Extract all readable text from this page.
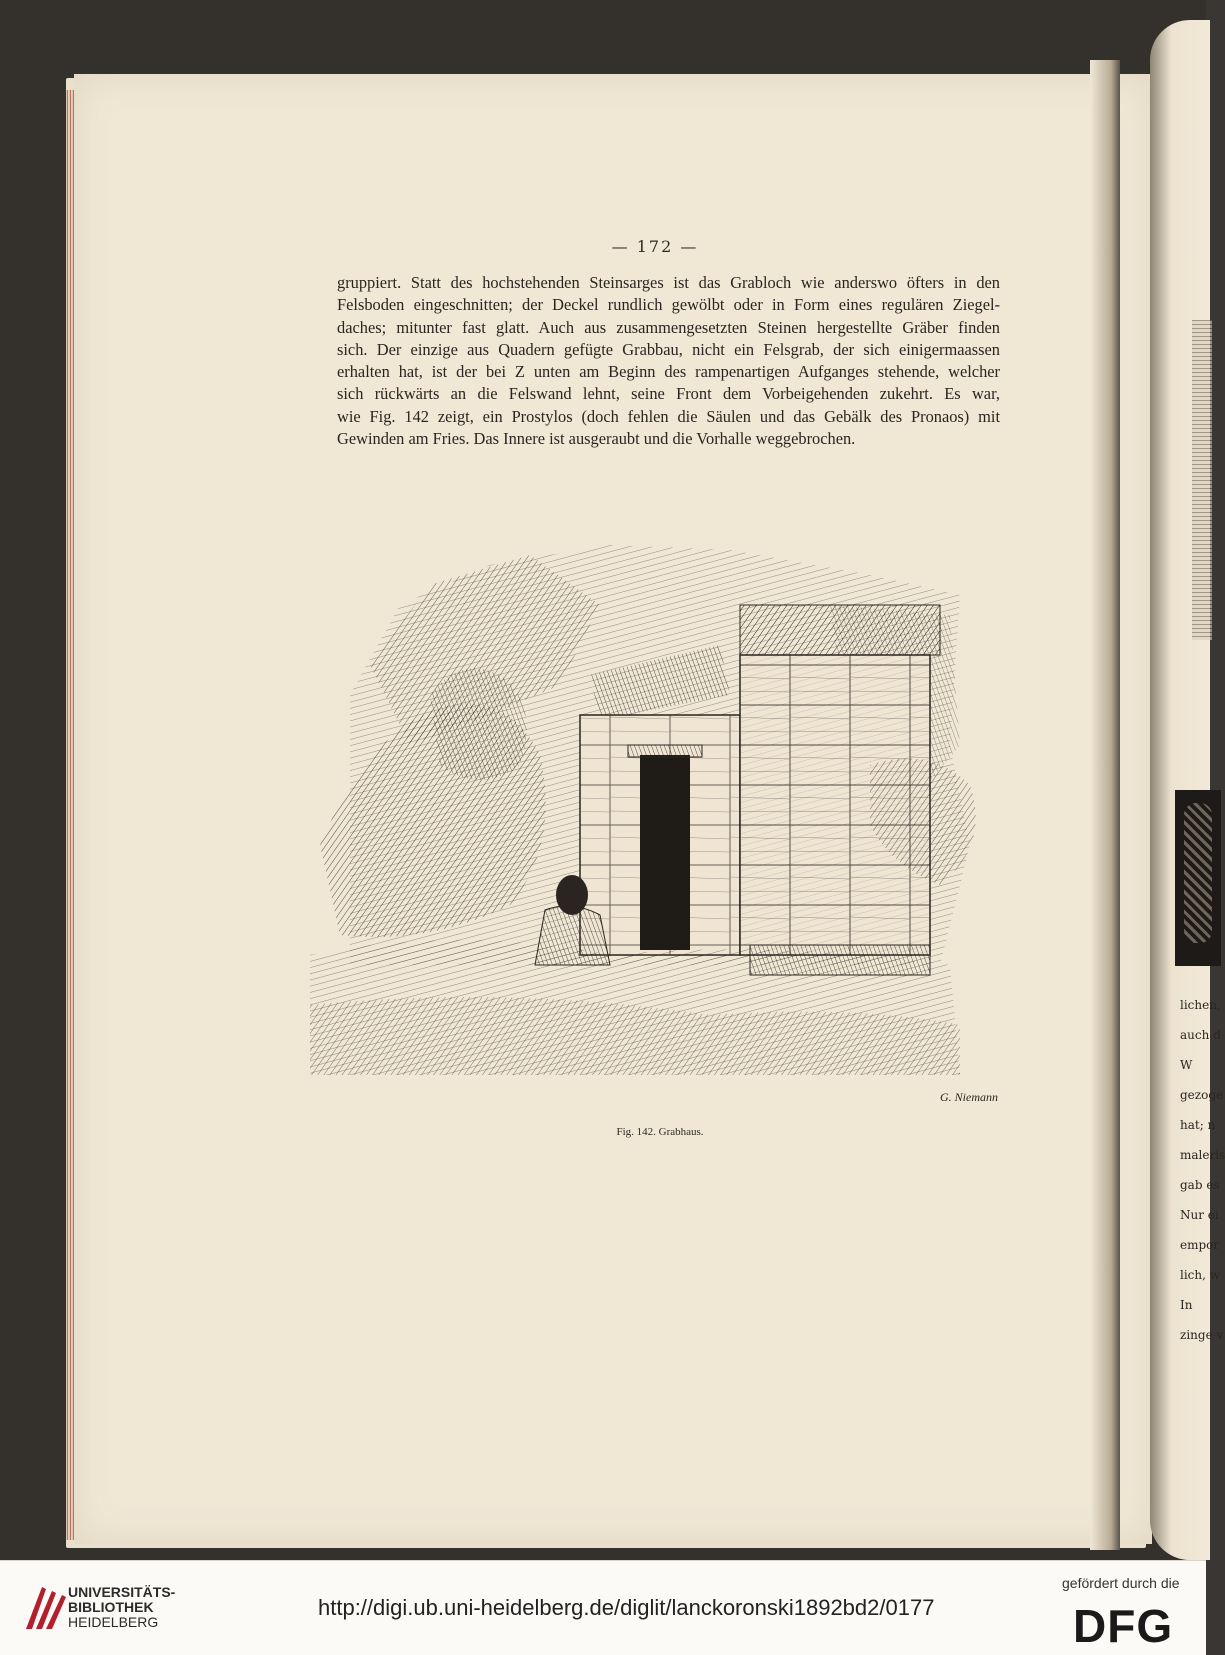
lichen,
auch d
W
gezoge
hat; n
maleris
gab es
Nur ei
empor
lich, w
In
zinge v
— 172 —
gruppiert. Statt des hochstehenden Steinsarges ist das Grabloch wie anderswo öfters in den
Felsboden eingeschnitten; der Deckel rundlich gewölbt oder in Form eines regulären Ziegel-
daches; mitunter fast glatt. Auch aus zusammengesetzten Steinen hergestellte Gräber finden
sich. Der einzige aus Quadern gefügte Grabbau, nicht ein Felsgrab, der sich einigermaassen
erhalten hat, ist der bei Z unten am Beginn des rampenartigen Aufganges stehende, welcher
sich rückwärts an die Felswand lehnt, seine Front dem Vorbeigehenden zukehrt. Es war,
wie Fig. 142 zeigt, ein Prostylos (doch fehlen die Säulen und das Gebälk des Pronaos) mit
Gewinden am Fries. Das Innere ist ausgeraubt und die Vorhalle weggebrochen.
G. Niemann
Fig. 142. Grabhaus.
UNIVERSITÄTS-
BIBLIOTHEK
HEIDELBERG
http://digi.ub.uni-heidelberg.de/diglit/lanckoronski1892bd2/0177
gefördert durch die
DFG
